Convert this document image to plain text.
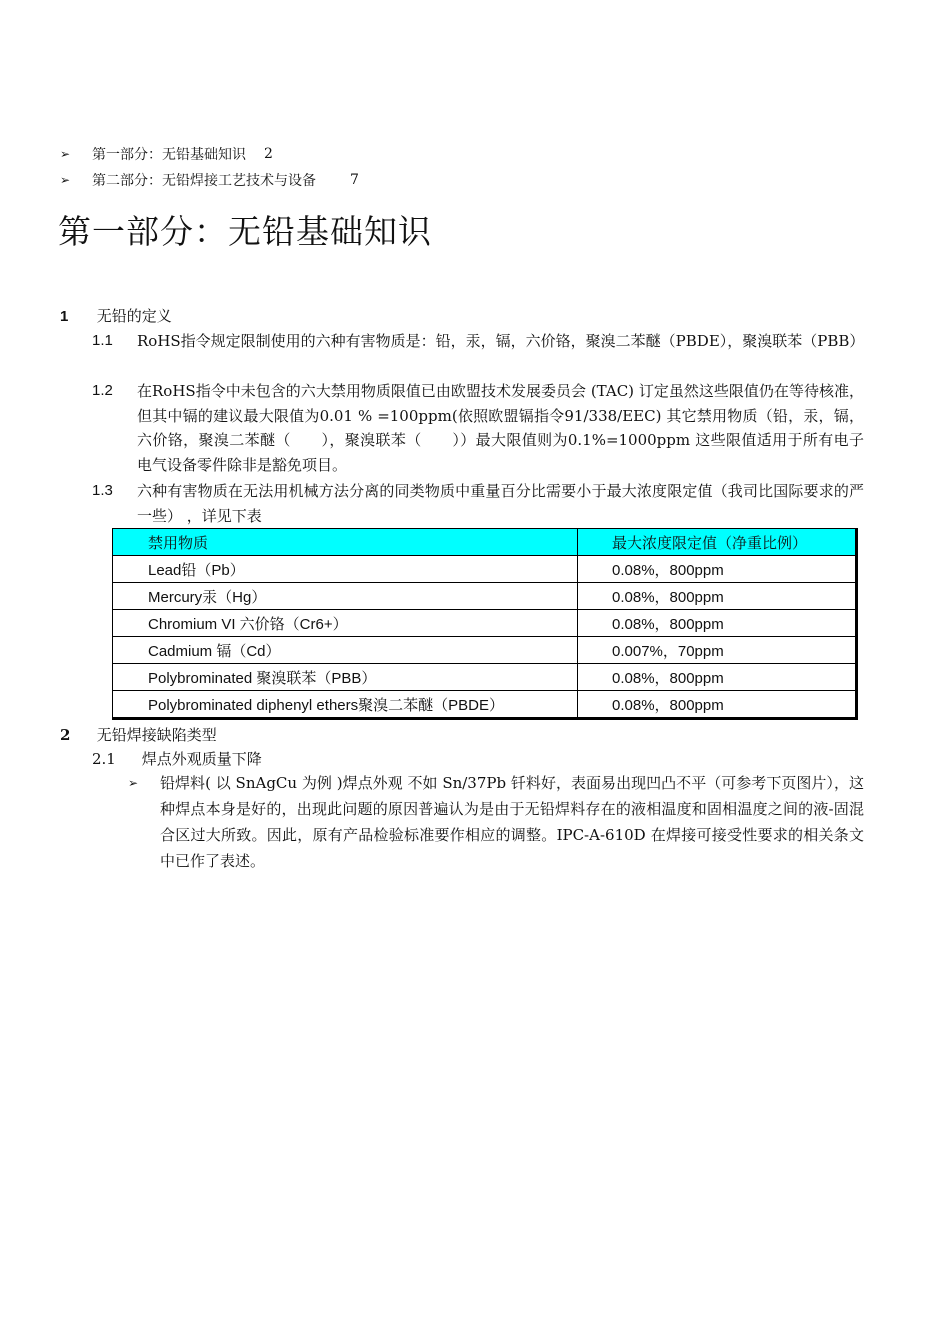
➢	第一部分：无铅基础知识 2
➢	第二部分：无铅焊接工艺技术与设备 7
第一部分：无铅基础知识
1 无铅的定义
1.1	RoHS指令规定限制使用的六种有害物质是：铅，汞，镉，六价铬，聚溴二苯醚（PBDE），聚溴联苯（PBB）
1.2	在RoHS指令中未包含的六大禁用物质限值已由欧盟技术发展委员会 (TAC) 订定虽然这些限值仍在等待核准，但其中镉的建议最大限值为0.01 % =100ppm(依照欧盟镉指令91/338/EEC) 其它禁用物质（铅，汞，镉，六价铬，聚溴二苯醚（　　），聚溴联苯（　　））最大限值则为0.1%=1000ppm 这些限值适用于所有电子电气设备零件除非是豁免项目。
1.3	六种有害物质在无法用机械方法分离的同类物质中重量百分比需要小于最大浓度限定值（我司比国际要求的严一些） ，详见下表
禁用物质	最大浓度限定值（净重比例）
Lead铅（Pb）	0.08%，800ppm
Mercury汞（Hg）	0.08%，800ppm
Chromium VI 六价铬（Cr6+）	0.08%，800ppm
Cadmium 镉（Cd）	0.007%，70ppm
Polybrominated 聚溴联苯（PBB）	0.08%，800ppm
Polybrominated diphenyl ethers聚溴二苯醚（PBDE）	0.08%，800ppm
2 无铅焊接缺陷类型
2.1 焊点外观质量下降
➢	铅焊料( 以 SnAgCu 为例 )焊点外观 不如 Sn/37Pb 钎料好，表面易出现凹凸不平（可参考下页图片），这种焊点本身是好的，出现此问题的原因普遍认为是由于无铅焊料存在的液相温度和固相温度之间的液-固混合区过大所致。因此，原有产品检验标准要作相应的调整。IPC-A-610D 在焊接可接受性要求的相关条文中已作了表述。
